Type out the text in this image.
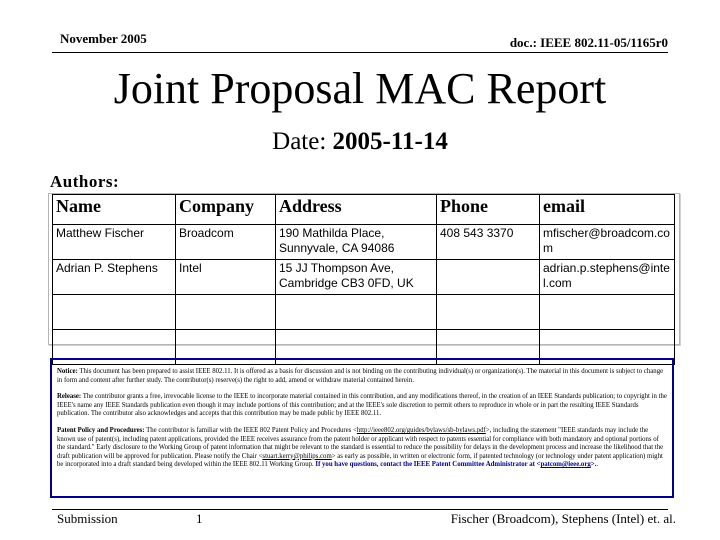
November 2005	doc.: IEEE 802.11-05/1165r0
Joint Proposal MAC Report
Date: 2005-11-14
Authors:
Name	Company	Address	Phone	email
Matthew Fischer	Broadcom	190 Mathilda Place, Sunnyvale, CA 94086	408 543 3370	mfischer@broadcom.com
Adrian P. Stephens	Intel	15 JJ Thompson Ave, Cambridge CB3 0FD, UK		adrian.p.stephens@intel.com

Notice: This document has been prepared to assist IEEE 802.11. It is offered as a basis for discussion and is not binding on the contributing individual(s) or organization(s). The material in this document is subject to change in form and content after further study. The contributor(s) reserve(s) the right to add, amend or withdraw material contained herein.

Release: The contributor grants a free, irrevocable license to the IEEE to incorporate material contained in this contribution, and any modifications thereof, in the creation of an IEEE Standards publication; to copyright in the IEEE's name any IEEE Standards publication even though it may include portions of this contribution; and at the IEEE's sole discretion to permit others to reproduce in whole or in part the resulting IEEE Standards publication. The contributor also acknowledges and accepts that this contribution may be made public by IEEE 802.11.

Patent Policy and Procedures: The contributor is familiar with the IEEE 802 Patent Policy and Procedures <http://ieee802.org/guides/bylaws/sb-bylaws.pdf>, including the statement "IEEE standards may include the known use of patent(s), including patent applications, provided the IEEE receives assurance from the patent holder or applicant with respect to patents essential for compliance with both mandatory and optional portions of the standard." Early disclosure to the Working Group of patent information that might be relevant to the standard is essential to reduce the possibility for delays in the development process and increase the likelihood that the draft publication will be approved for publication. Please notify the Chair <stuart.kerry@philips.com> as early as possible, in written or electronic form, if patented technology (or technology under patent application) might be incorporated into a draft standard being developed within the IEEE 802.11 Working Group. If you have questions, contact the IEEE Patent Committee Administrator at <patcom@ieee.org>..

Submission	1	Fischer (Broadcom), Stephens (Intel) et. al.
